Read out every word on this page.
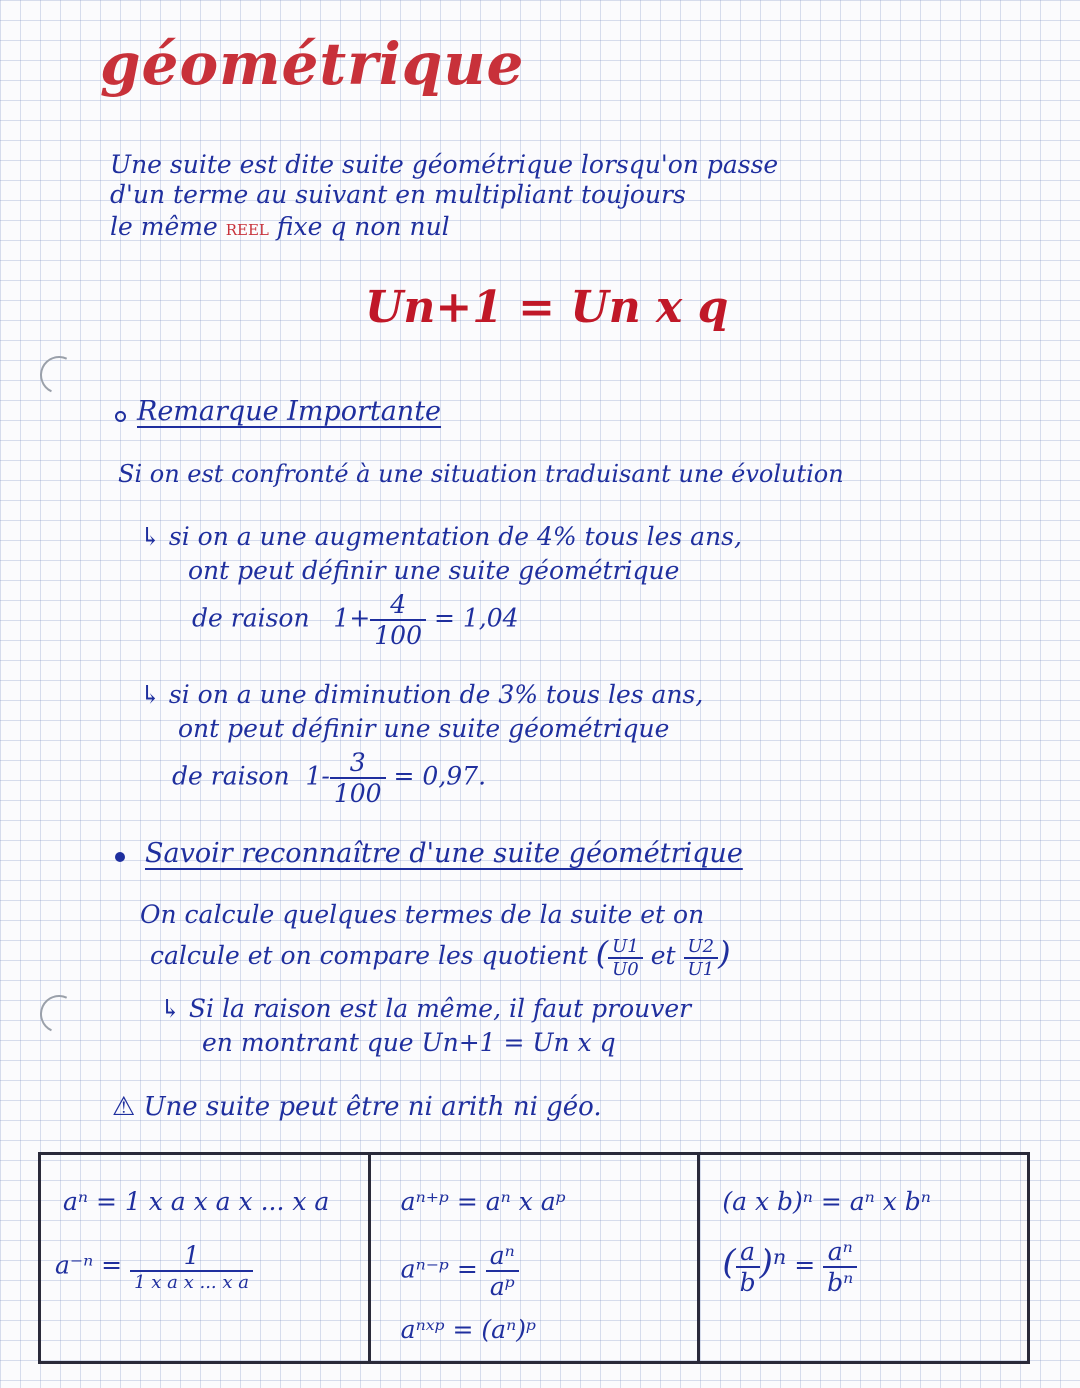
géométrique
Une suite est dite suite géométrique lorsqu'on passe
d'un terme au suivant en multipliant toujours
le même REEL fixe q non nul
Un+1 = Un x q
Remarque Importante
Si on est confronté à une situation traduisant une évolution
↳ si on a une augmentation de 4% tous les ans,
ont peut définir une suite géométrique
de raison $1+ \frac{4}{100} = 1,04$
↳ si on a une diminution de 3% tous les ans,
ont peut définir une suite géométrique
de raison $1- \frac{3}{100} = 0,97$.
Savoir reconnaître d'une suite géométrique
On calcule quelques termes de la suite et on
calcule et on compare les quotient ( $\frac{U1}{U0}$ et $\frac{U2}{U1}$ )
↳ Si la raison est la même, il faut prouver
en montrant que Un+1 = Un x q
⚠ Une suite peut être ni arith ni géo.
aⁿ = 1 x a x a x ... x a
$a^{-n} = \frac{1}{\text{1 x a x ... x a}}$
aⁿ⁺ᵖ = aⁿ x aᵖ
aⁿ⁻ᵖ = $\frac{\text{aⁿ}}{\text{aᵖ}}$
aⁿˣᵖ = (aⁿ)ᵖ
(a x b)ⁿ = aⁿ x bⁿ
( $\frac{a}{b} )^n = \frac{\text{aⁿ}}{\text{bⁿ}}$
